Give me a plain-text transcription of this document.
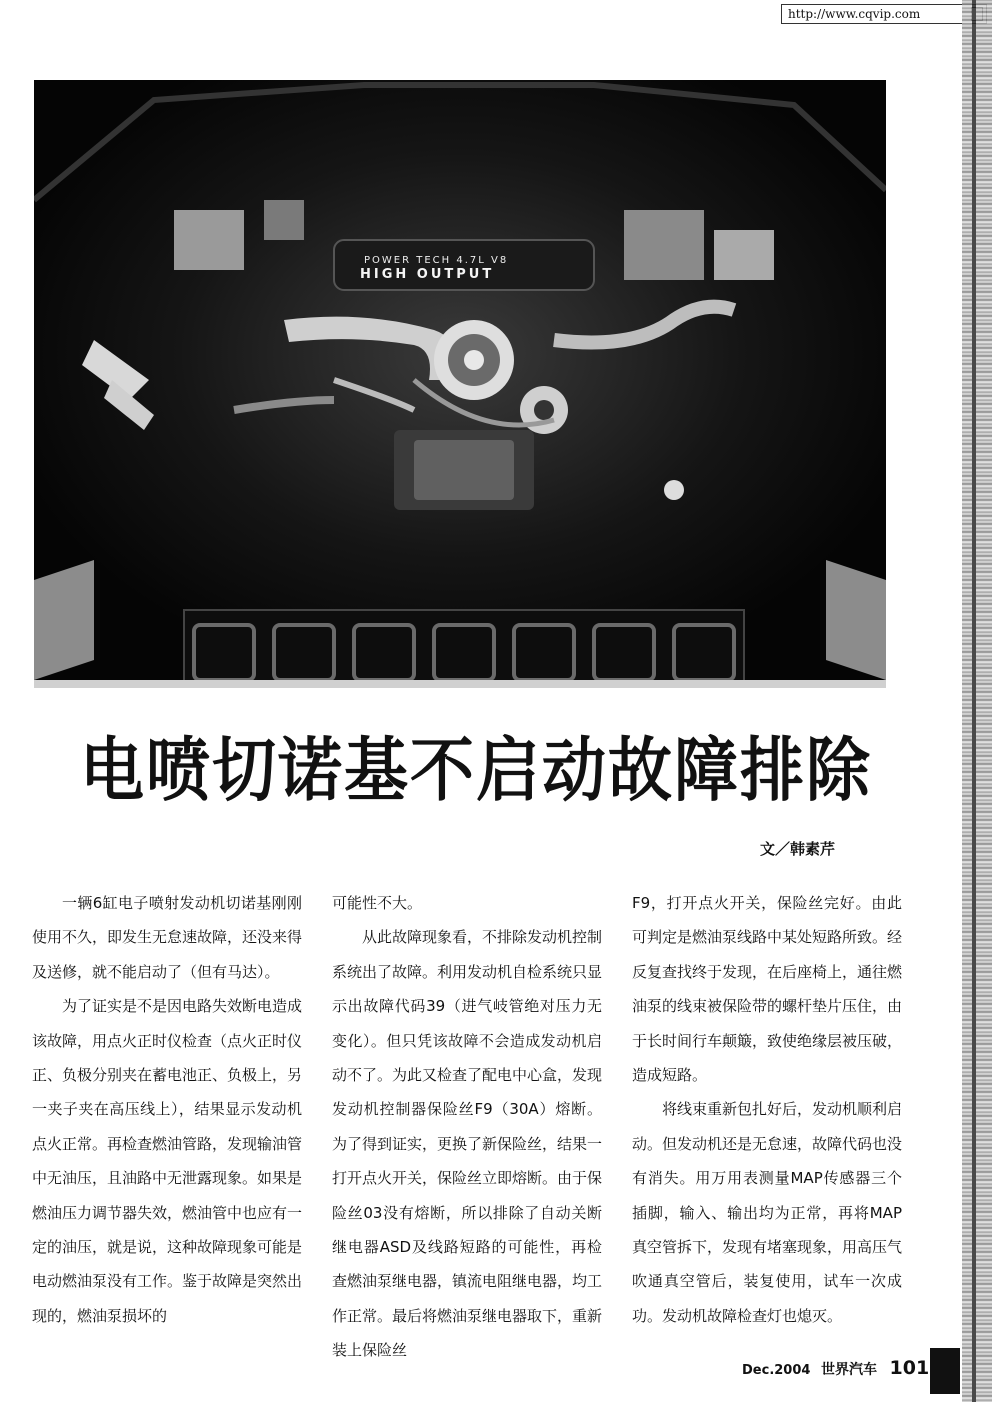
http://www.cqvip.com
POWER TECH 4.7L V8
HIGH OUTPUT
电喷切诺基不启动故障排除
文／韩素芹

一辆6缸电子喷射发动机切诺基刚刚使用不久，即发生无怠速故障，还没来得及送修，就不能启动了（但有马达）。

为了证实是不是因电路失效断电造成该故障，用点火正时仪检查（点火正时仪正、负极分别夹在蓄电池正、负极上，另一夹子夹在高压线上），结果显示发动机点火正常。再检查燃油管路，发现输油管中无油压，且油路中无泄露现象。如果是燃油压力调节器失效，燃油管中也应有一定的油压，就是说，这种故障现象可能是电动燃油泵没有工作。鉴于故障是突然出现的，燃油泵损坏的

可能性不大。

从此故障现象看，不排除发动机控制系统出了故障。利用发动机自检系统只显示出故障代码39（进气岐管绝对压力无变化）。但只凭该故障不会造成发动机启动不了。为此又检查了配电中心盒，发现发动机控制器保险丝F9（30A）熔断。为了得到证实，更换了新保险丝，结果一打开点火开关，保险丝立即熔断。由于保险丝03没有熔断，所以排除了自动关断继电器ASD及线路短路的可能性，再检查燃油泵继电器，镇流电阻继电器，均工作正常。最后将燃油泵继电器取下，重新装上保险丝

F9，打开点火开关，保险丝完好。由此可判定是燃油泵线路中某处短路所致。经反复查找终于发现，在后座椅上，通往燃油泵的线束被保险带的螺杆垫片压住，由于长时间行车颠簸，致使绝缘层被压破，造成短路。

将线束重新包扎好后，发动机顺利启动。但发动机还是无怠速，故障代码也没有消失。用万用表测量MAP传感器三个插脚，输入、输出均为正常，再将MAP真空管拆下，发现有堵塞现象，用高压气吹通真空管后，装复使用，试车一次成功。发动机故障检查灯也熄灭。

Dec.2004 世界汽车 101
